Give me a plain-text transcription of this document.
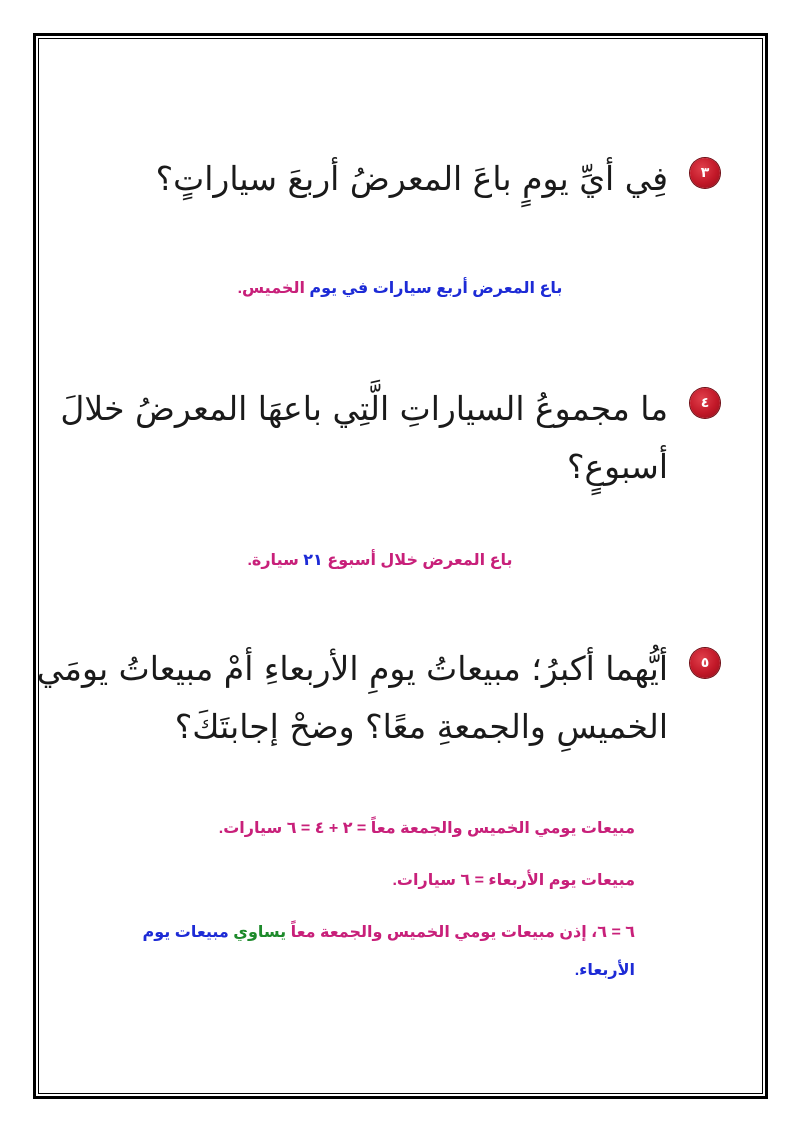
٣
فِي أيِّ يومٍ باعَ المعرضُ أربعَ سياراتٍ؟
باع المعرض أربع سيارات في يوم الخميس.
٤
ما مجموعُ السياراتِ الَّتِي باعهَا المعرضُ خلالَ
أسبوعٍ؟
باع المعرض خلال أسبوع ٢١ سيارة.
٥
أيُّهما أكبرُ؛ مبيعاتُ يومِ الأربعاءِ أمْ مبيعاتُ يومَي
الخميسِ والجمعةِ معًا؟ وضحْ إجابتَكَ؟
مبيعات يومي الخميس والجمعة معاً = ٢ + ٤ = ٦ سيارات.
مبيعات يوم الأربعاء = ٦ سيارات.
٦ = ٦، إذن مبيعات يومي الخميس والجمعة معاً يساوي مبيعات يوم
الأربعاء.
